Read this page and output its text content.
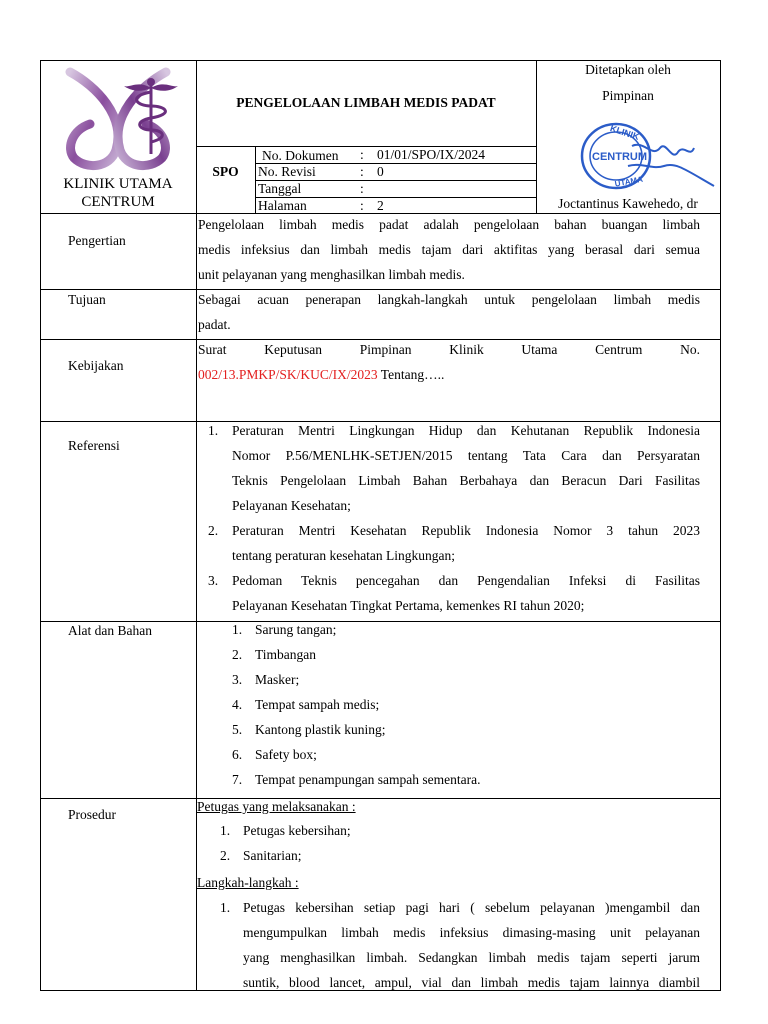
KLINIK UTAMA
CENTRUM
PENGELOLAAN LIMBAH MEDIS PADAT
SPO
No. Dokumen : 01/01/SPO/IX/2024
No. Revisi	: 0
Tanggal	:
Halaman	: 2
Ditetapkan oleh
Pimpinan
KLINIK
CENTRUM
UTAMA
Joctantinus Kawehedo, dr
Pengertian
Pengelolaan limbah medis padat adalah pengelolaan bahan buangan limbah
medis infeksius dan limbah medis tajam dari aktifitas yang berasal dari semua
unit pelayanan yang menghasilkan limbah medis.
Tujuan	Sebagai acuan penerapan langkah-langkah untuk pengelolaan limbah medis
padat.
Kebijakan
Surat Keputusan Pimpinan Klinik Utama Centrum No.
002/13.PMKP/SK/KUC/IX/2023 Tentang…..
Referensi
1. Peraturan Mentri Lingkungan Hidup dan Kehutanan Republik Indonesia
Nomor P.56/MENLHK-SETJEN/2015 tentang Tata Cara dan Persyaratan
Teknis Pengelolaan Limbah Bahan Berbahaya dan Beracun Dari Fasilitas
Pelayanan Kesehatan;
2. Peraturan Mentri Kesehatan Republik Indonesia Nomor 3 tahun 2023
tentang peraturan kesehatan Lingkungan;
3. Pedoman Teknis pencegahan dan Pengendalian Infeksi di Fasilitas
Pelayanan Kesehatan Tingkat Pertama, kemenkes RI tahun 2020;
Alat dan Bahan	1. Sarung tangan;
2. Timbangan
3. Masker;
4. Tempat sampah medis;
5. Kantong plastik kuning;
6. Safety box;
7. Tempat penampungan sampah sementara.
Prosedur
Petugas yang melaksanakan :
1. Petugas kebersihan;
2. Sanitarian;
Langkah-langkah :
1. Petugas kebersihan setiap pagi hari ( sebelum pelayanan )mengambil dan
mengumpulkan limbah medis infeksius dimasing-masing unit pelayanan
yang menghasilkan limbah. Sedangkan limbah medis tajam seperti jarum
suntik, blood lancet, ampul, vial dan limbah medis tajam lainnya diambil
